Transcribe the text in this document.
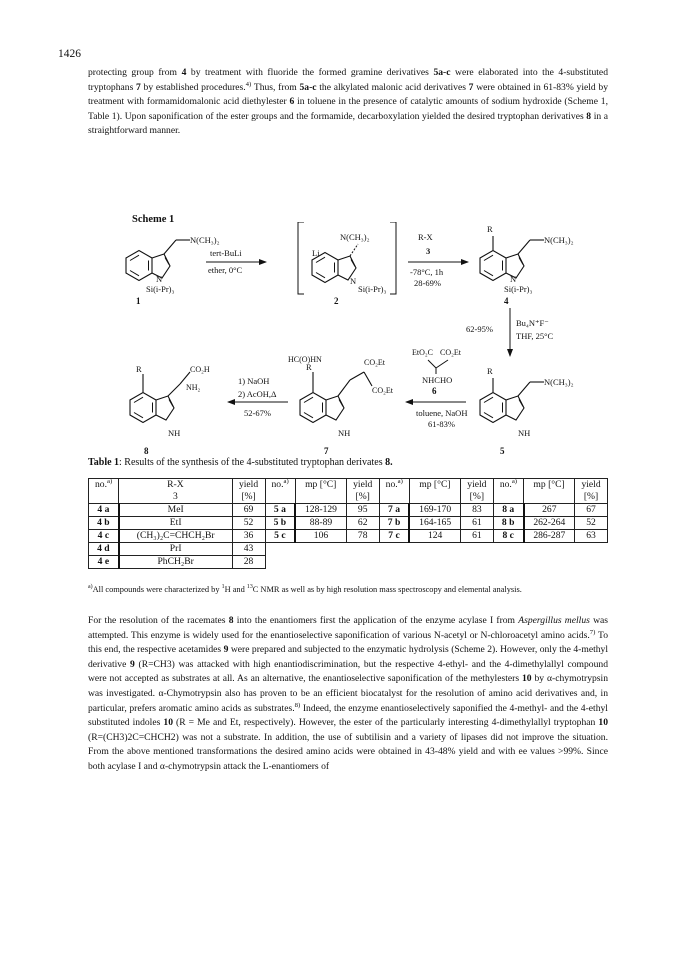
1426
protecting group from 4 by treatment with fluoride the formed gramine derivatives 5a-c were elaborated into the 4-substituted tryptophans 7 by established procedures.$^{4)}$ Thus, from 5a-c the alkylated malonic acid derivatives 7 were obtained in 61-83% yield by treatment with formamidomalonic acid diethylester 6 in toluene in the presence of catalytic amounts of sodium hydroxide (Scheme 1, Table 1). Upon saponification of the ester groups and the formamide, decarboxylation yielded the desired tryptophan derivatives 8 in a straightforward manner.
Scheme 1
N(CH₃)₂
N
Si(i-Pr)₃
1
tert-BuLi
ether, 0°C
Li
N(CH₃)₂
N
Si(i-Pr)₃
2
R-X
3
-78°C, 1h
28-69%
R
N(CH₃)₂
N
Si(i-Pr)₃
4
Bu₄N⁺F⁻
THF, 25°C
62-95%
R
N(CH₃)₂
NH
5
EtO₂C CO₂Et
NHCHO
6
toluene, NaOH
61-83%
R
HC(O)HN	CO₂Et
CO₂Et
NH
7
1) NaOH
2) AcOH,Δ
52-67%
R	CO₂H
NH₂
NH
8
Table 1: Results of the synthesis of the 4-substituted tryptophan derivates 8.
no.$^{a)}$	R-X
3	yield
[%]	no.$^{a)}$	mp [°C]	yield
[%]	no.$^{a)}$	mp [°C]	yield
[%]	no.$^{a)}$	mp [°C]	yield
[%]
4 a	MeI	69	5 a	128-129	95	7 a	169-170	83	8 a	267	67
4 b	EtI	52	5 b	88-89	62	7 b	164-165	61	8 b	262-264	52
4 c	(CH₃)₂C=CHCH₂Br	36	5 c	106	78	7 c	124	61	8 c	286-287	63
4 d	PrI	43									
4 e	PhCH₂Br	28									
$^{a)}$All compounds were characterized by $^1$H and $^{13}$C NMR as well as by high resolution mass spectroscopy and elemental analysis.
For the resolution of the racemates 8 into the enantiomers first the application of the enzyme acylase I from Aspergillus mellus was attempted. This enzyme is widely used for the enantioselective saponification of various N-acetyl or N-chloroacetyl amino acids.$^{7)}$ To this end, the respective acetamides 9 were prepared and subjected to the enzymatic hydrolysis (Scheme 2). However, only the 4-methyl derivative 9 (R=CH3) was attacked with high enantiodiscrimination, but the respective 4-ethyl- and the 4-dimethylallyl compound were not accepted as substrates at all. As an alternative, the enantioselective saponification of the methylesters 10 by α-chymotrypsin was investigated. α-Chymotrypsin also has proven to be an efficient biocatalyst for the resolution of amino acid derivatives and, in particular, prefers aromatic amino acids as substrates.$^{8)}$ Indeed, the enzyme enantioselectively saponified the 4-methyl- and the 4-ethyl substituted indoles 10 (R = Me and Et, respectively). However, the ester of the particularly interesting 4-dimethylallyl tryptophan 10 (R=(CH3)2C=CHCH2) was not a substrate. In addition, the use of subtilisin and a variety of lipases did not improve the situation. From the above mentioned transformations the desired amino acids were obtained in 43-48% yield and with ee values >99%. Since both acylase I and α-chymotrypsin attack the L-enantiomers of
